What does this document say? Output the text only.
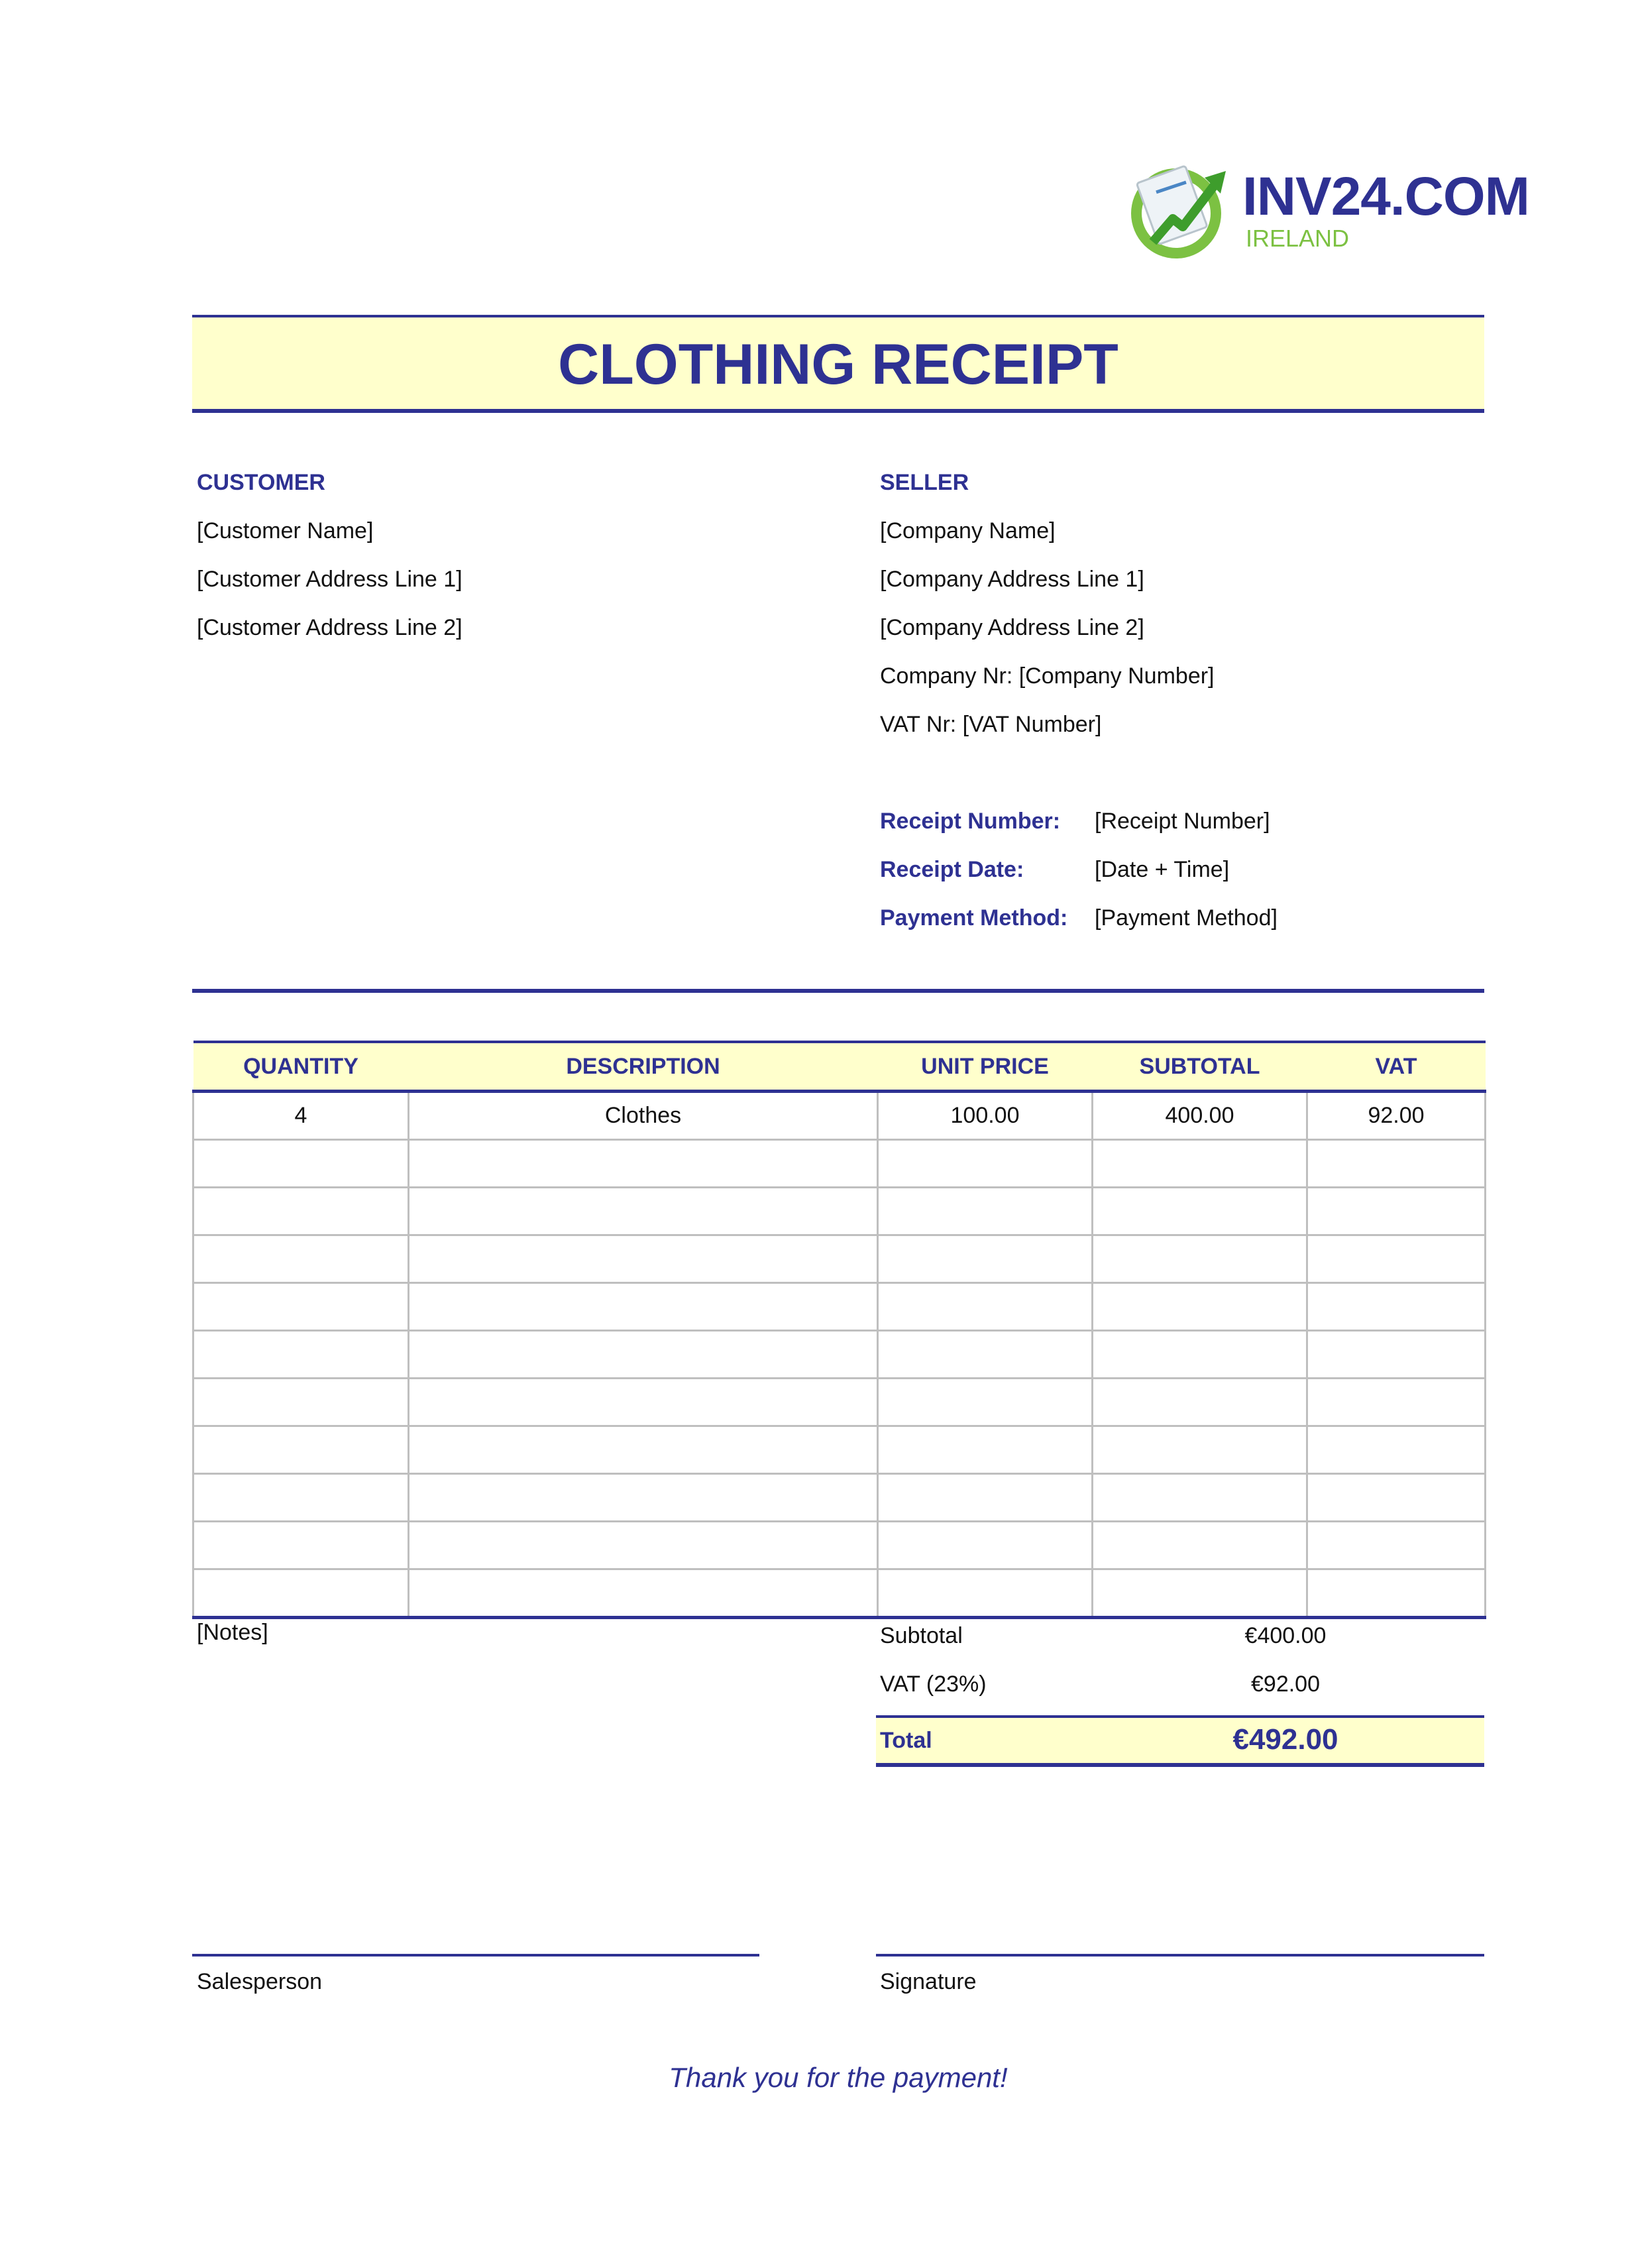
INV24.COM
IRELAND
CLOTHING RECEIPT
CUSTOMER
[Customer Name]
[Customer Address Line 1]
[Customer Address Line 2]
SELLER
[Company Name]
[Company Address Line 1]
[Company Address Line 2]
Company Nr: [Company Number]
VAT Nr: [VAT Number]
Receipt Number: [Receipt Number]
Receipt Date:	[Date + Time]
Payment Method: [Payment Method]
QUANTITY	DESCRIPTION	UNIT PRICE	SUBTOTAL	VAT
4	Clothes	100.00	400.00	92.00

[Notes]	Subtotal	€400.00
VAT (23%)	€92.00
Total	€492.00
Salesperson	Signature
Thank you for the payment!
